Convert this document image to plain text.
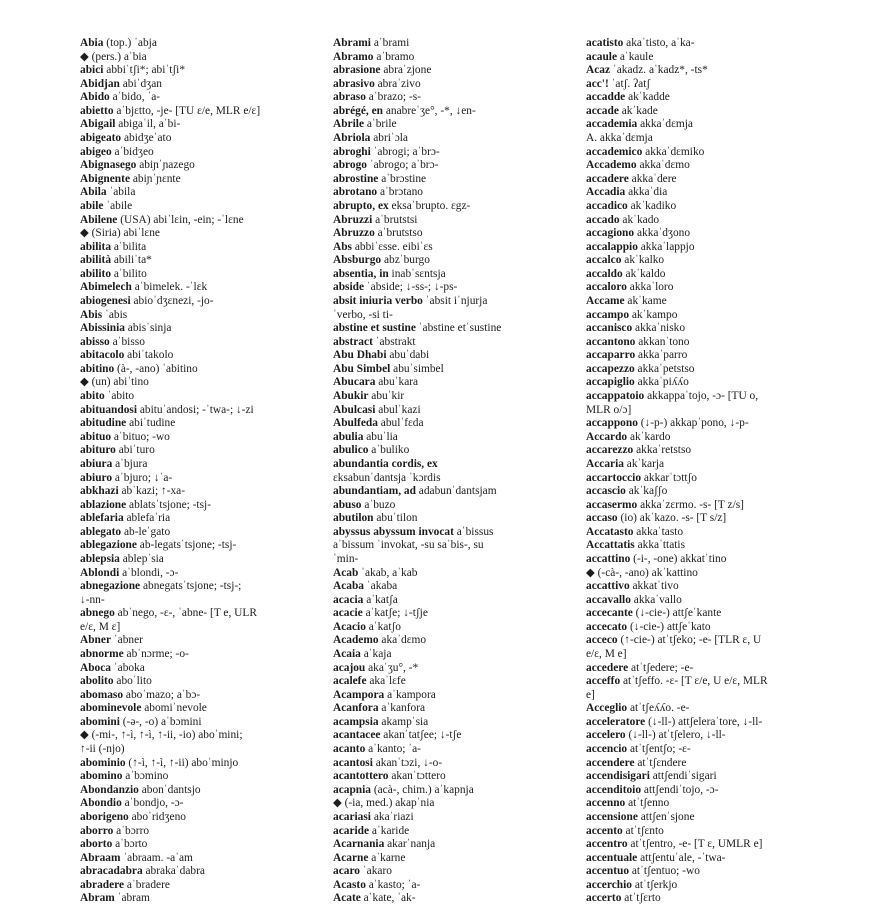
Abia (top.) ˈabja
◆ (pers.) aˈbia
abici abbiˈtʃi*; abiˈtʃi*
Abidjan abiˈdʒan
Abido aˈbido, ˈa-
abietto aˈbjɛtto, -je- [TU ɛ/e, MLR e/ɛ]
Abigail abigaˈil, aˈbi-
abigeato abidʒeˈato
abigeo aˈbidʒeo
Abignasego abiɲˈɲazego
Abignente abiɲˈɲɛnte
Abila ˈabila
abile ˈabile
Abilene (USA) abiˈlɛin, -ein; -ˈlɛne
◆ (Siria) abiˈlɛne
abilita aˈbilita
abilità abiliˈta*
abilito aˈbilito
Abimelech aˈbimelek. -ˈlɛk
abiogenesi abioˈdʒɛnezi, -jo-
Abis ˈabis
Abissinia abisˈsinja
abisso aˈbisso
abitacolo abiˈtakolo
abitino (à-, -ano) ˈabitino
◆ (un) abiˈtino
abito ˈabito
abituandosi abituˈandosi; -ˈtwa-; ↓-zi
abitudine abiˈtudine
abituo aˈbituo; -wo
abituro abiˈturo
abiura aˈbjura
abiuro aˈbjuro; ↓ˈa-
abkhazi abˈkazi; ↑-xa-
ablazione ablatsˈtsjone; -tsj-
ablefaria ablefaˈria
ablegato ab-leˈgato
ablegazione ab-legatsˈtsjone; -tsj-
ablepsia ablepˈsia
Ablondi aˈblondi, -ɔ-
abnegazione abnegatsˈtsjone; -tsj-;
↓-nn-
abnego abˈnego, -ɛ-, ˈabne- [T e, ULR
e/ɛ, M ɛ]
Abner ˈabner
abnorme abˈnɔrme; -o-
Aboca ˈaboka
abolito aboˈlito
abomaso aboˈmazo; aˈbɔ-
abominevole abomiˈnevole
abomini (-ə-, -o) aˈbɔmini
◆ (-mi-, ↑-ì, ↑-ì, ↑-ii, -io) aboˈmini;
↑-ii (-njo)
abominio (↑-ì, ↑-ì, ↑-ii) aboˈminjo
abomino aˈbɔmino
Abondanzio abonˈdantsjo
Abondio aˈbondjo, -ɔ-
aborigeno aboˈridʒeno
aborro aˈbɔrro
aborto aˈbɔrto
Abraam ˈabraam. -aˈam
abracadabra abrakaˈdabra
abradere aˈbradere
Abram ˈabram
Abrami aˈbrami
Abramo aˈbramo
abrasione abraˈzjone
abrasivo abraˈzivo
abraso aˈbrazo; -s-
abrégé, en anabreˈʒe°, -*, ↓en-
Abrile aˈbrile
Abriola abriˈɔla
abroghi ˈabrogi; aˈbrɔ-
abrogo ˈabrogo; aˈbrɔ-
abrostine aˈbrɔstine
abrotano aˈbrɔtano
abrupto, ex eksaˈbrupto. ɛgz-
Abruzzi aˈbrutstsi
Abruzzo aˈbrutstso
Abs abbiˈɛsse. eibiˈɛs
Absburgo abzˈburgo
absentia, in inabˈsɛntsja
abside ˈabside; ↓-ss-; ↓-ps-
absit iniuria verbo ˈabsit iˈnjurja
ˈverbo, -si ti-
abstine et sustine ˈabstine etˈsustine
abstract ˈabstrakt
Abu Dhabi abuˈdabi
Abu Simbel abuˈsimbel
Abucara abuˈkara
Abukir abuˈkir
Abulcasi abulˈkazi
Abulfeda abulˈfɛda
abulia abuˈlia
abulico aˈbuliko
abundantia cordis, ex
ɛksabunˈdantsja ˈkɔrdis
abundantiam, ad adabunˈdantsjam
abuso aˈbuzo
abutilon abuˈtilon
abyssus abyssum invocat aˈbissus
aˈbissum ˈinvokat, -su saˈbis-, su
ˈmin-
Acab ˈakab, aˈkab
Acaba ˈakaba
acacia aˈkatʃa
acacie aˈkatʃe; ↓-tʃje
Acacio aˈkatʃo
Academo akaˈdɛmo
Acaia aˈkaja
acajou akaˈʒu°, -*
acalefe akaˈlɛfe
Acampora aˈkampora
Acanfora aˈkanfora
acampsia akampˈsia
acantacee akanˈtatʃee; ↓-tʃe
acanto aˈkanto; ˈa-
acantosi akanˈtɔzi, ↓-o-
acantottero akanˈtɔttero
acapnia (acà-, chim.) aˈkapnja
◆ (-ia, med.) akapˈnia
acariasi akaˈriazi
acaride aˈkaride
Acarnania akarˈnanja
Acarne aˈkarne
acaro ˈakaro
Acasto aˈkasto; ˈa-
Acate aˈkate, ˈak-
acatisto akaˈtisto, aˈka-
acaule aˈkaule
Acaz ˈakadz. aˈkadz*, -ts*
acc'! ˈatʃ. ʔatʃ
accadde akˈkadde
accade akˈkade
accademia akkaˈdɛmja
A. akkaˈdɛmja
accademico akkaˈdɛmiko
Accademo akkaˈdɛmo
accadere akkaˈdere
Accadia akkaˈdia
accadico akˈkadiko
accado akˈkado
accagiono akkaˈdʒono
accalappio akkaˈlappjo
accalco akˈkalko
accaldo akˈkaldo
accaloro akkaˈloro
Accame akˈkame
accampo akˈkampo
accanisco akkaˈnisko
accantono akkanˈtono
accaparro akkaˈparro
accapezzo akkaˈpetstso
accapiglio akkaˈpiʎʎo
accappatoio akkappaˈtojo, -ɔ- [TU o,
MLR o/ɔ]
accappono (↓-p-) akkapˈpono, ↓-p-
Accardo akˈkardo
accarezzo akkaˈretstso
Accaria akˈkarja
accartoccio akkarˈtɔttʃo
accascio akˈkaʃʃo
accasermo akkaˈzɛrmo. -s- [T z/s]
accaso (io) akˈkazo. -s- [T s/z]
Accatasto akkaˈtasto
Accattatis akkaˈttatis
accattino (-i-, -one) akkatˈtino
◆ (-cà-, -ano) akˈkattino
accattivo akkatˈtivo
accavallo akkaˈvallo
accecante (↓-cie-) attʃeˈkante
accecato (↓-cie-) attʃeˈkato
acceco (↑-cie-) atˈtʃeko; -e- [TLR ɛ, U
e/ɛ, M e]
accedere atˈtʃedere; -e-
acceffo atˈtʃeffo. -ɛ- [T ɛ/e, U e/ɛ, MLR
e]
Acceglio atˈtʃeʎʎo. -e-
acceleratore (↓-ll-) attʃeleraˈtore, ↓-ll-
accelero (↓-ll-) atˈtʃelero, ↓-ll-
accencio atˈtʃentʃo; -ɛ-
accendere atˈtʃɛndere
accendisigari attʃendiˈsigari
accenditoio attʃendiˈtojo, -ɔ-
accenno atˈtʃenno
accensione attʃenˈsjone
accento atˈtʃɛnto
accentro atˈtʃentro, -e- [T ɛ, UMLR e]
accentuale attʃentuˈale, -ˈtwa-
accentuo atˈtʃentuo; -wo
accerchio atˈtʃerkjo
accerto atˈtʃɛrto
